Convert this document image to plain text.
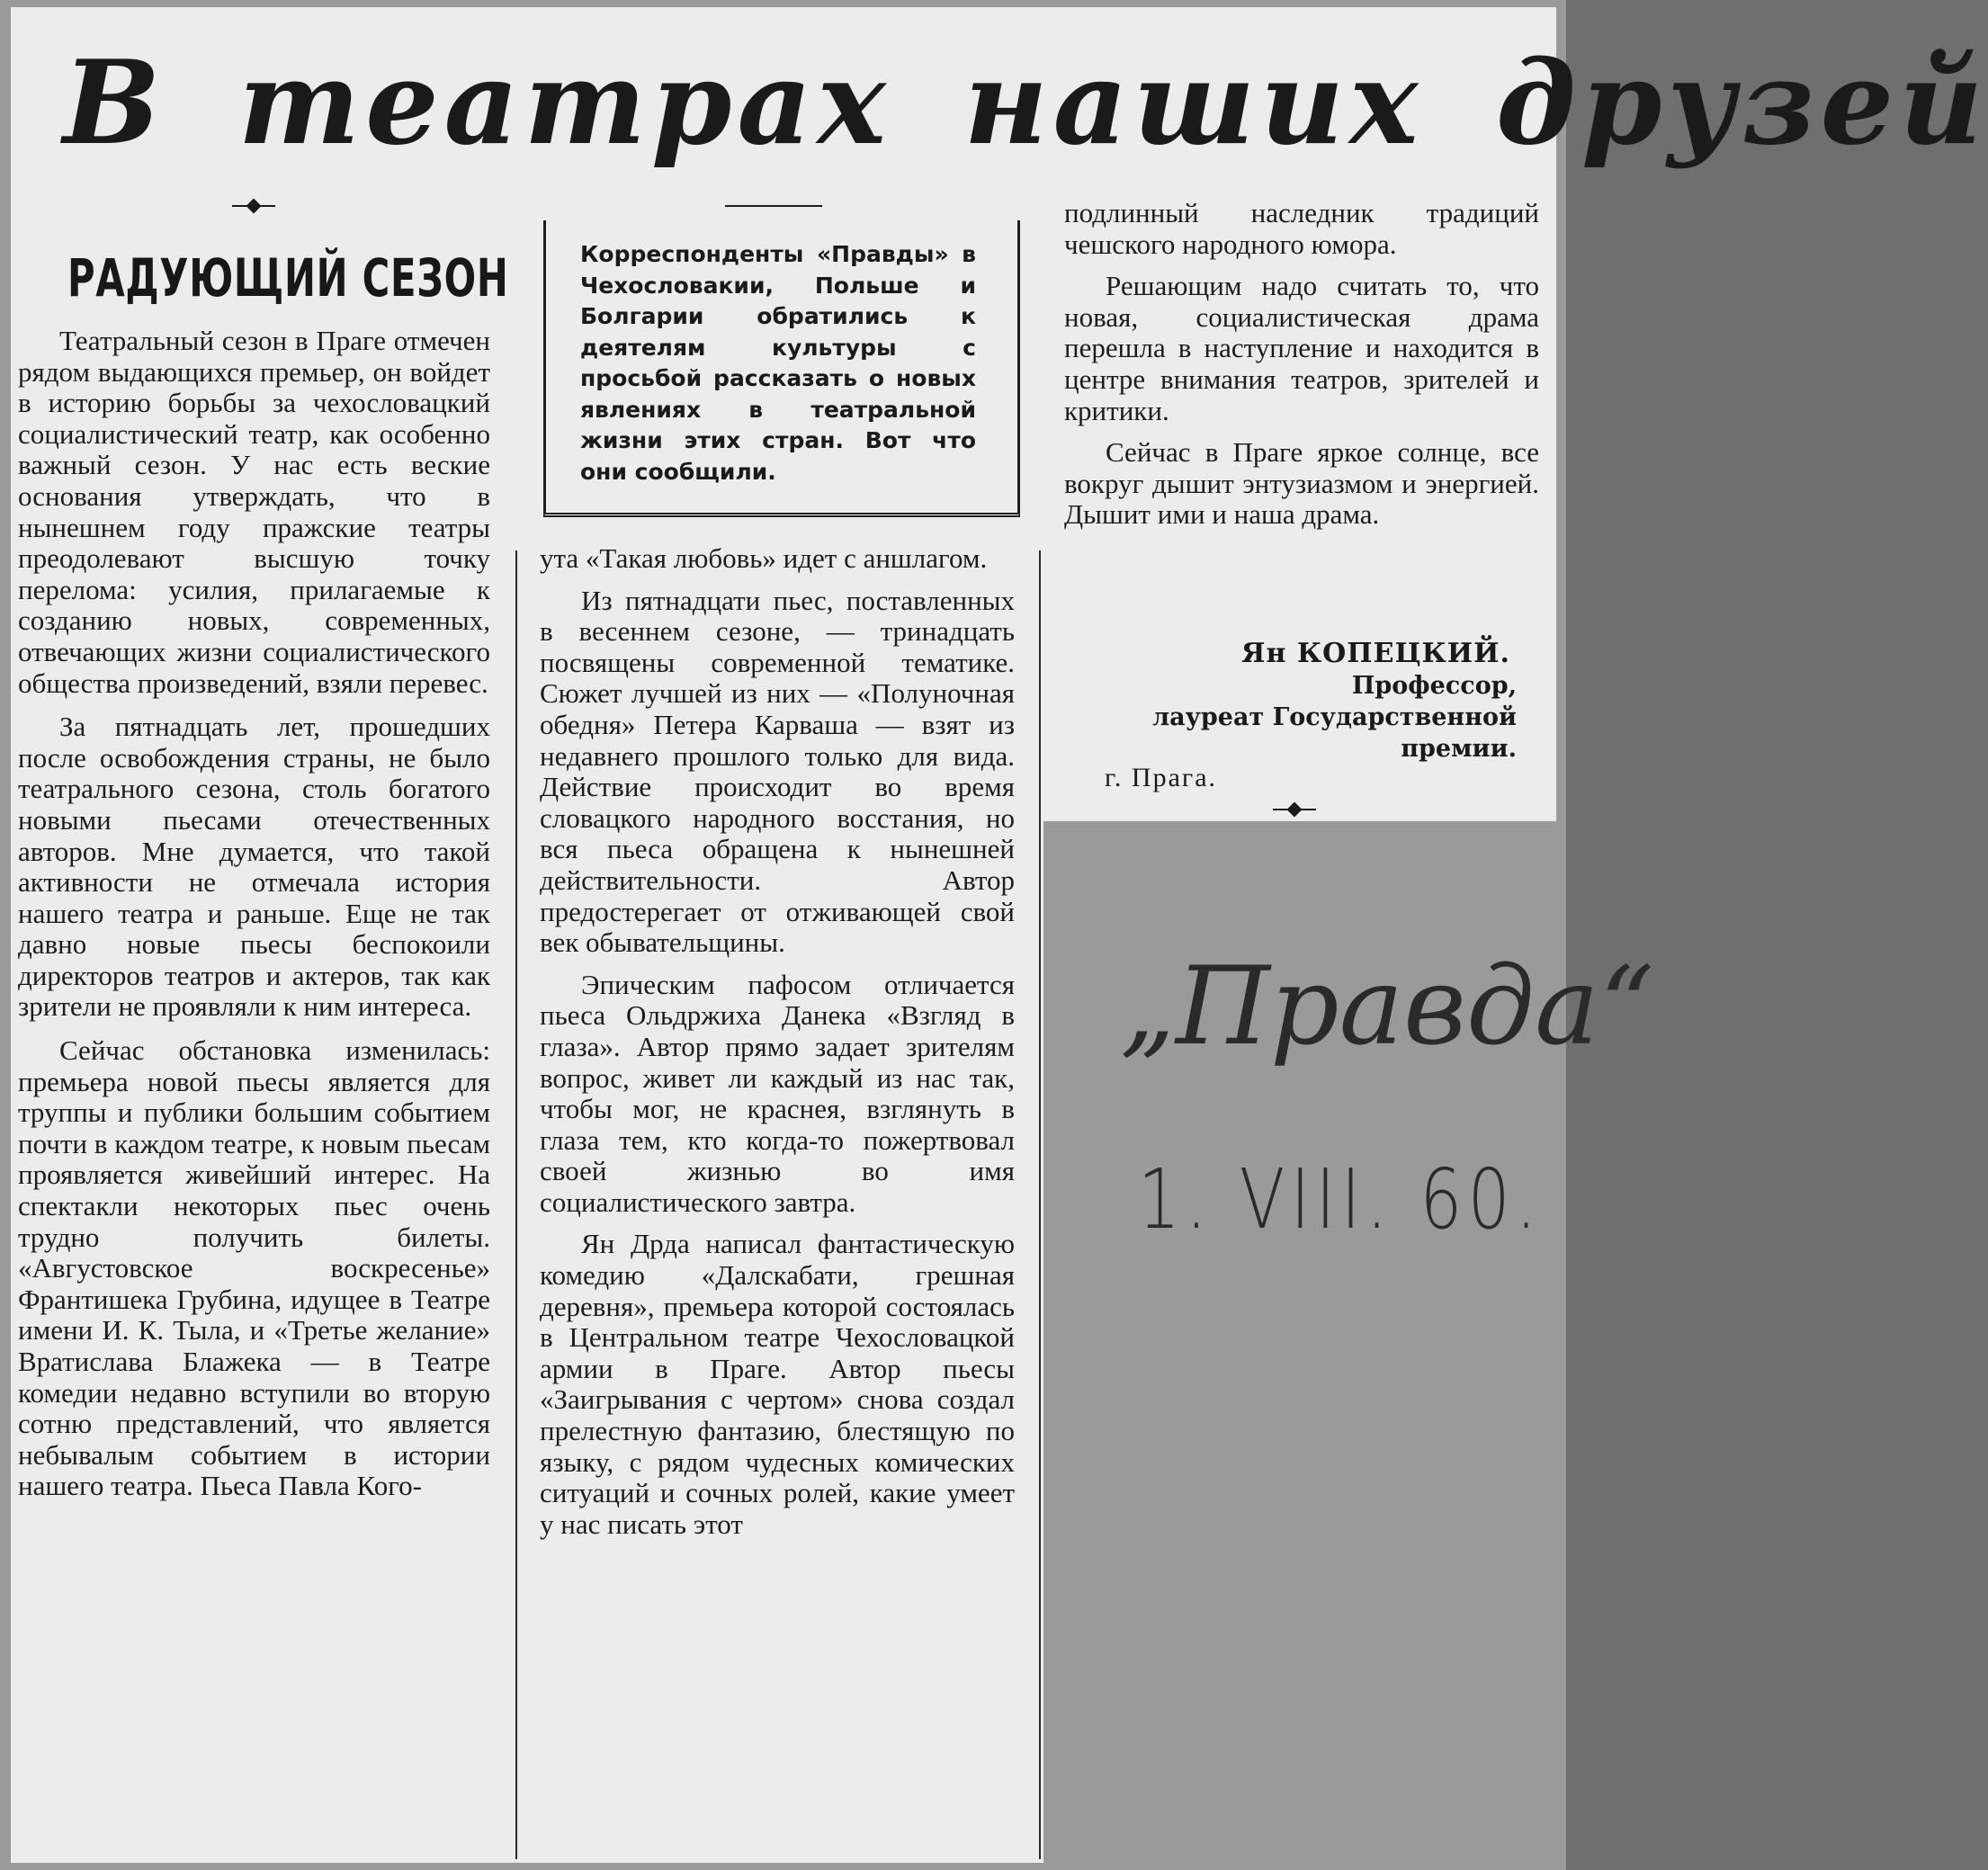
В театрах наших друзей
РАДУЮЩИЙ СЕЗОН	Корреспонденты «Правды» в Чехословакии, Польше и Болгарии обратились к деятелям культуры с просьбой рассказать о новых явлениях в театральной жизни этих стран. Вот что они сообщили.

Театральный сезон в Праге отмечен рядом выдающихся премьер, он войдет в историю борьбы за чехословацкий социалистический театр, как особенно важный сезон. У нас есть веские основания утверждать, что в нынешнем году пражские театры преодолевают высшую точку перелома: усилия, прилагаемые к созданию новых, современных, отвечающих жизни социалистического общества произведений, взяли перевес.

За пятнадцать лет, прошедших после освобождения страны, не было театрального сезона, столь богатого новыми пьесами отечественных авторов. Мне думается, что такой активности не отмечала история нашего театра и раньше. Еще не так давно новые пьесы беспокоили директоров театров и актеров, так как зрители не проявляли к ним интереса.

Сейчас обстановка изменилась: премьера новой пьесы является для труппы и публики большим событием почти в каждом театре, к новым пьесам проявляется живейший интерес. На спектакли некоторых пьес очень трудно получить билеты. «Августовское воскресенье» Франтишека Грубина, идущее в Театре имени И. К. Тыла, и «Третье желание» Вратислава Блажека — в Театре комедии недавно вступили во вторую сотню представлений, что является небывалым событием в истории нашего театра. Пьеса Павла Кого-

ута «Такая любовь» идет с аншлагом.

Из пятнадцати пьес, поставленных в весеннем сезоне, — тринадцать посвящены современной тематике. Сюжет лучшей из них — «Полуночная обедня» Петера Карваша — взят из недавнего прошлого только для вида. Действие происходит во время словацкого народного восстания, но вся пьеса обращена к нынешней действительности. Автор предостерегает от отживающей свой век обывательщины.

Эпическим пафосом отличается пьеса Ольдржиха Данека «Взгляд в глаза». Автор прямо задает зрителям вопрос, живет ли каждый из нас так, чтобы мог, не краснея, взглянуть в глаза тем, кто когда-то пожертвовал своей жизнью во имя социалистического завтра.

Ян Дрда написал фантастическую комедию «Далскабати, грешная деревня», премьера которой состоялась в Центральном театре Чехословацкой армии в Праге. Автор пьесы «Заигрывания с чертом» снова создал прелестную фантазию, блестящую по языку, с рядом чудесных комических ситуаций и сочных ролей, какие умеет у нас писать этот

подлинный наследник традиций чешского народного юмора.

Решающим надо считать то, что новая, социалистическая драма перешла в наступление и находится в центре внимания театров, зрителей и критики.

Сейчас в Праге яркое солнце, все вокруг дышит энтузиазмом и энергией. Дышит ими и наша драма.

Ян КОПЕЦКИЙ.
Профессор,
лауреат Государственной
премии.
г. Прага.
„Правда“
1. VIII. 60.
